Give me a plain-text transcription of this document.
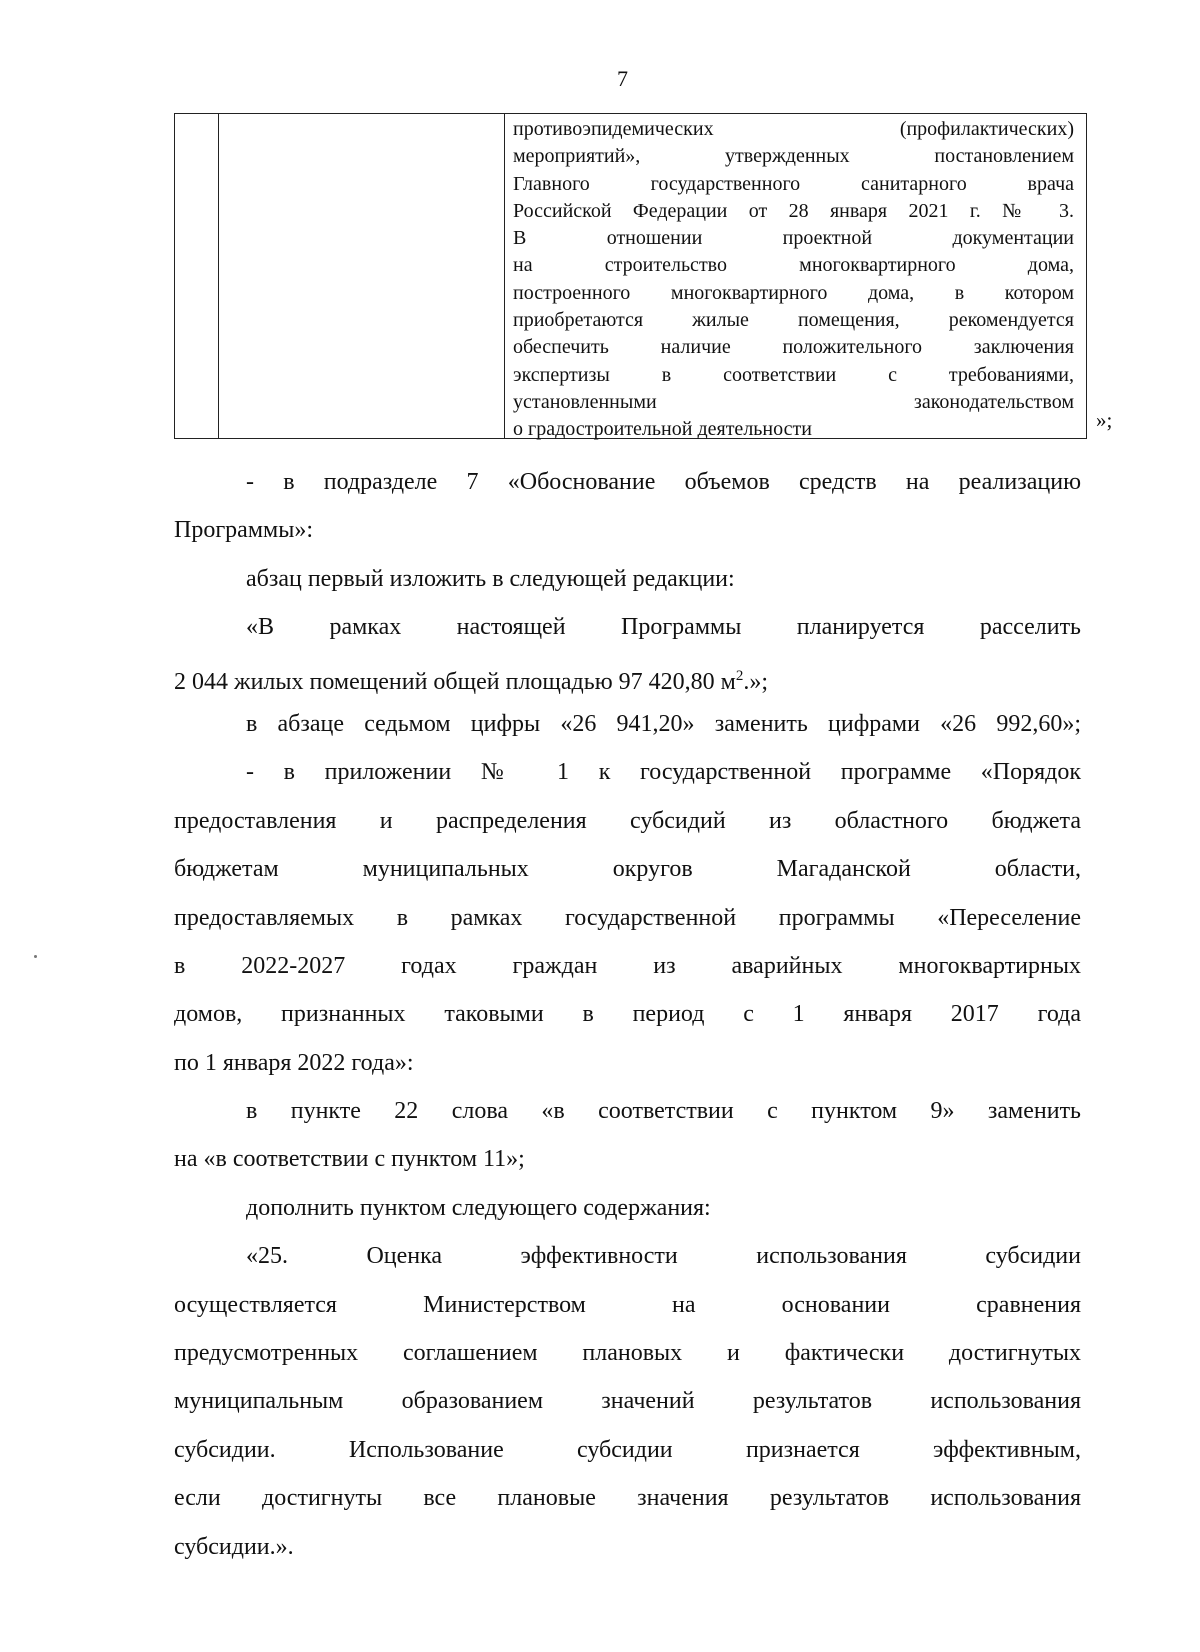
7
противоэпидемических (профилактических)
мероприятий», утвержденных постановлением
Главного государственного санитарного врача
Российской Федерации от 28 января 2021 г. № 3.
В отношении проектной документации
на строительство многоквартирного дома,
построенного многоквартирного дома, в котором
приобретаются жилые помещения, рекомендуется
обеспечить наличие положительного заключения
экспертизы в соответствии с требованиями,
установленными законодательством
о градостроительной деятельности	»;
- в подразделе 7 «Обоснование объемов средств на реализацию
Программы»:
абзац первый изложить в следующей редакции:
«В рамках настоящей Программы планируется расселить
2 044 жилых помещений общей площадью 97 420,80 $м^2$.»;
в абзаце седьмом цифры «26 941,20» заменить цифрами «26 992,60»;
- в приложении № 1 к государственной программе «Порядок
предоставления и распределения субсидий из областного бюджета
бюджетам муниципальных округов Магаданской области,
предоставляемых в рамках государственной программы «Переселение
в 2022-2027 годах граждан из аварийных многоквартирных
домов, признанных таковыми в период с 1 января 2017 года
по 1 января 2022 года»:
в пункте 22 слова «в соответствии с пунктом 9» заменить
на «в соответствии с пунктом 11»;
дополнить пунктом следующего содержания:
«25. Оценка эффективности использования субсидии
осуществляется Министерством на основании сравнения
предусмотренных соглашением плановых и фактически достигнутых
муниципальным образованием значений результатов использования
субсидии. Использование субсидии признается эффективным,
если достигнуты все плановые значения результатов использования
субсидии.».
